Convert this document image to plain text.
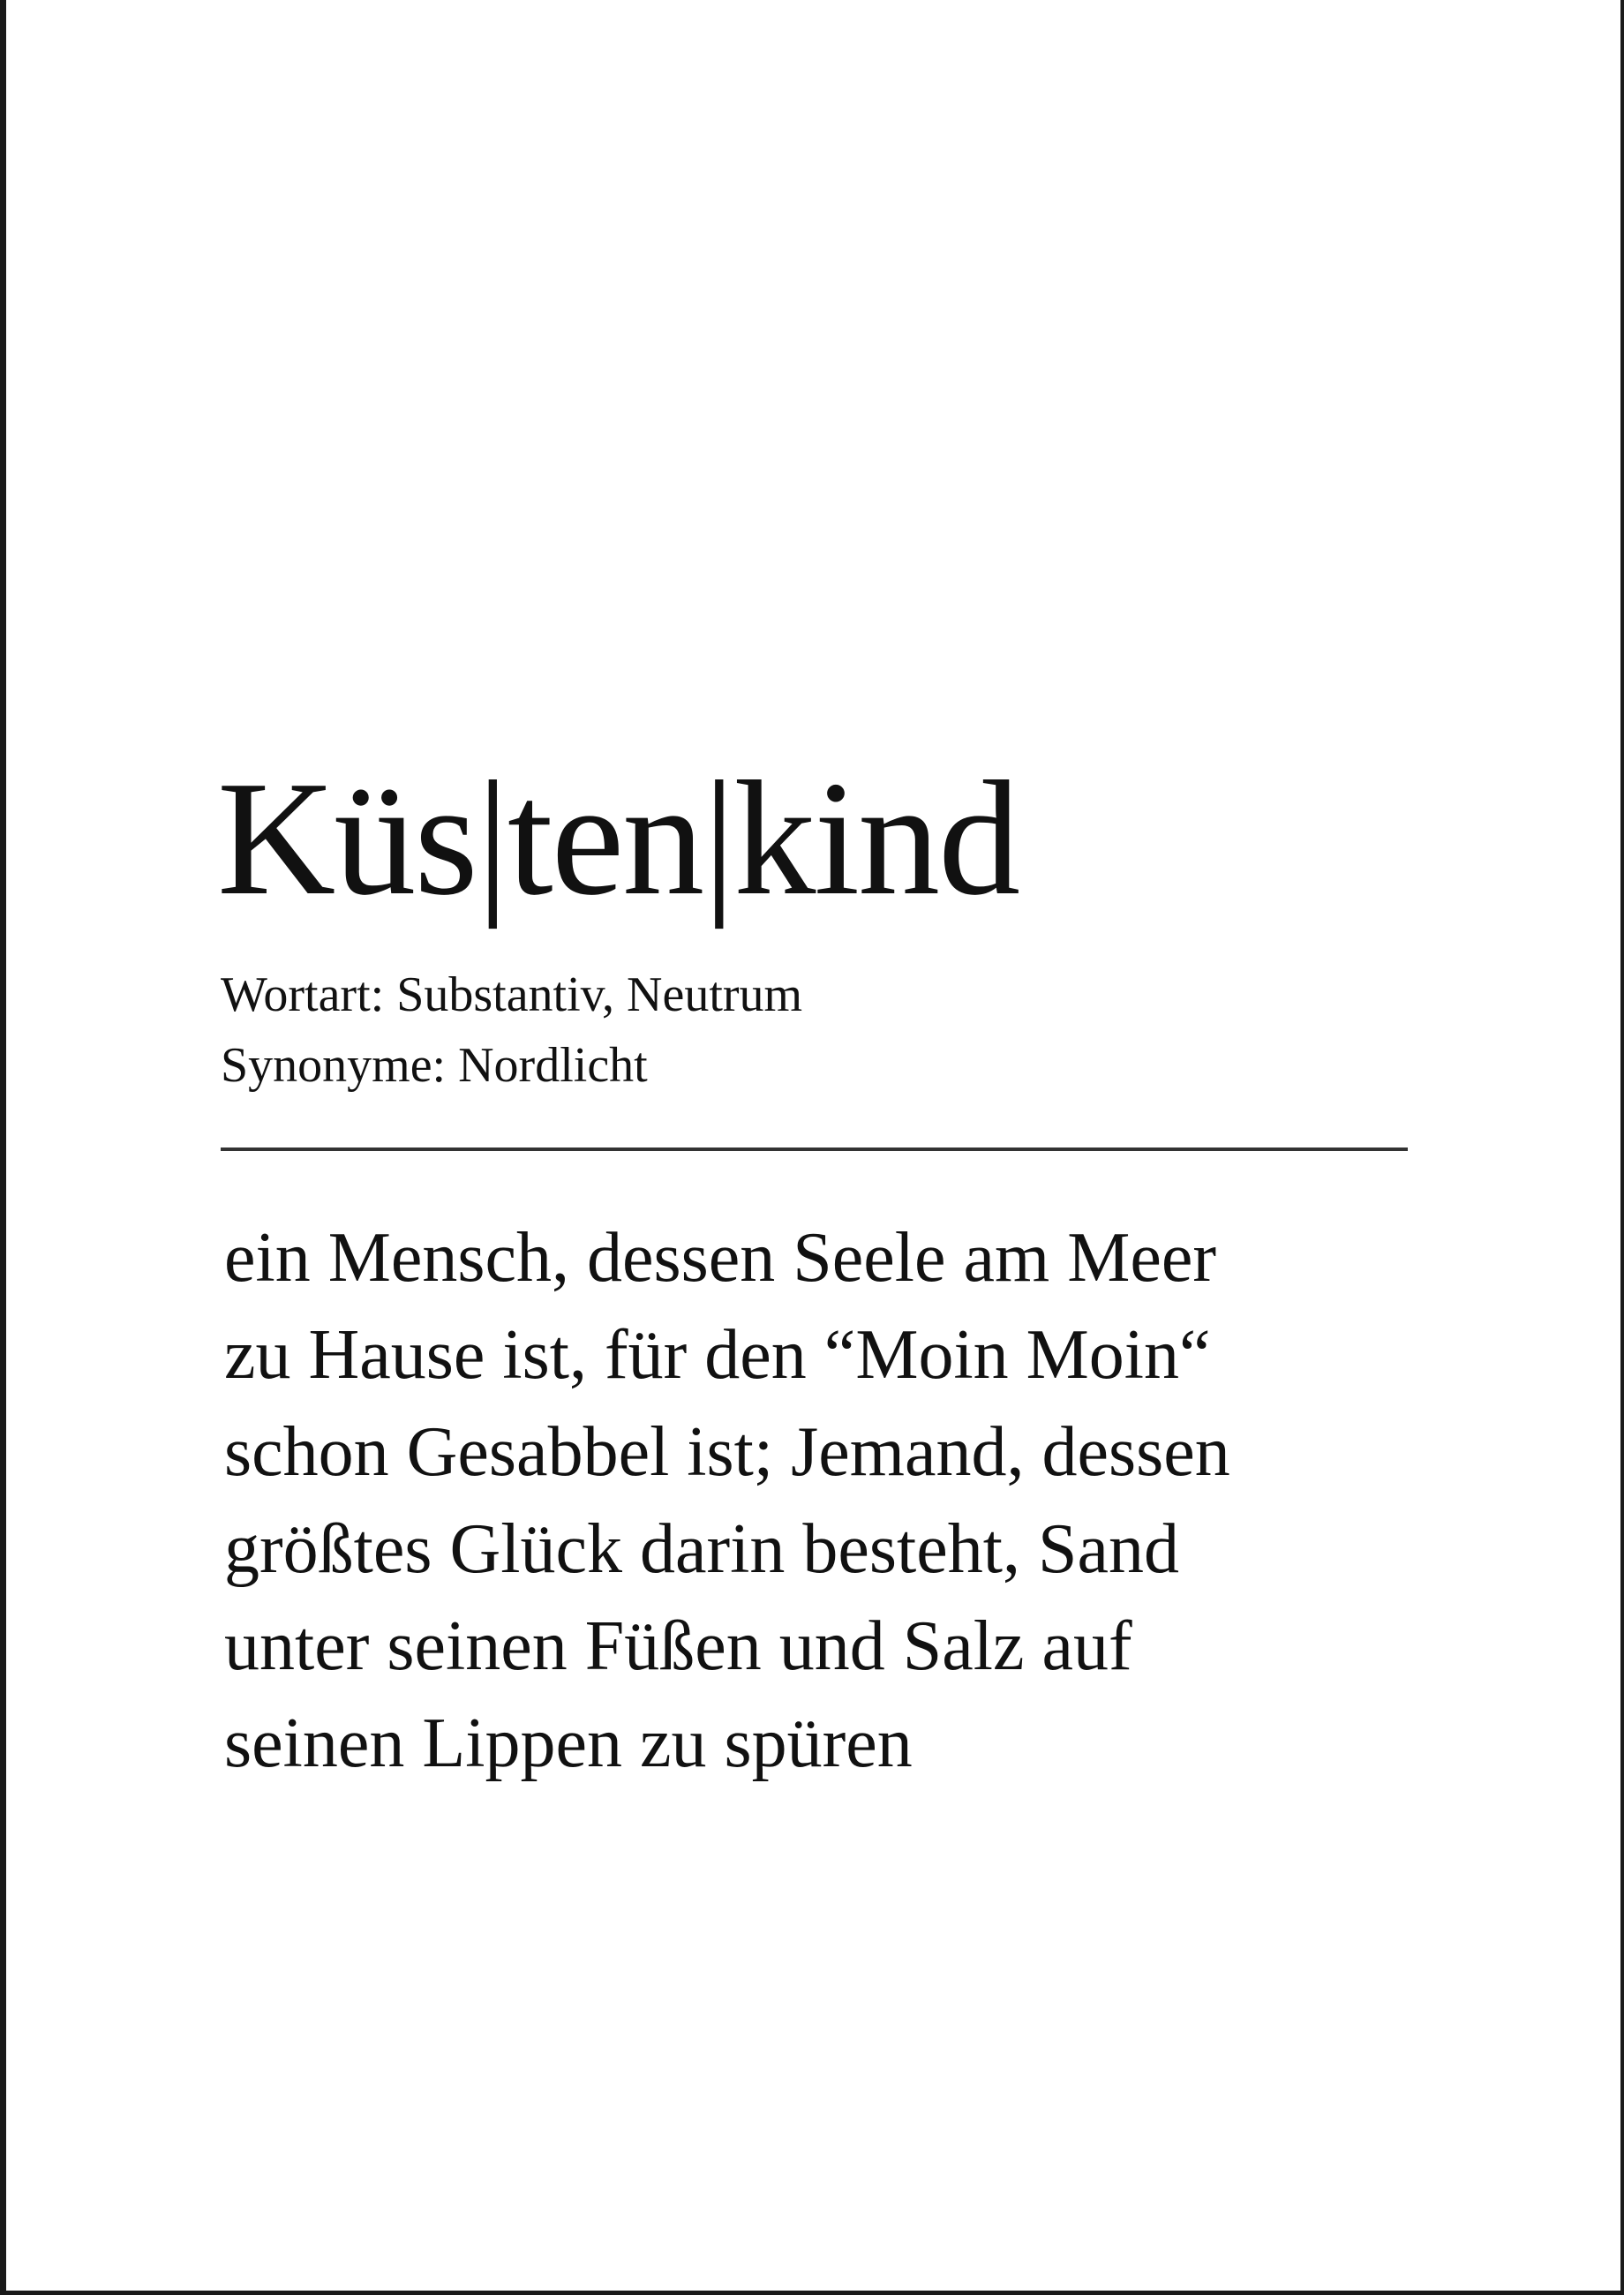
Küs|ten|kind
Wortart: Substantiv, Neutrum
Synonyme: Nordlicht

ein Mensch, dessen Seele am Meer
zu Hause ist, für den “Moin Moin“
schon Gesabbel ist; Jemand, dessen
größtes Glück darin besteht, Sand
unter seinen Füßen und Salz auf
seinen Lippen zu spüren
